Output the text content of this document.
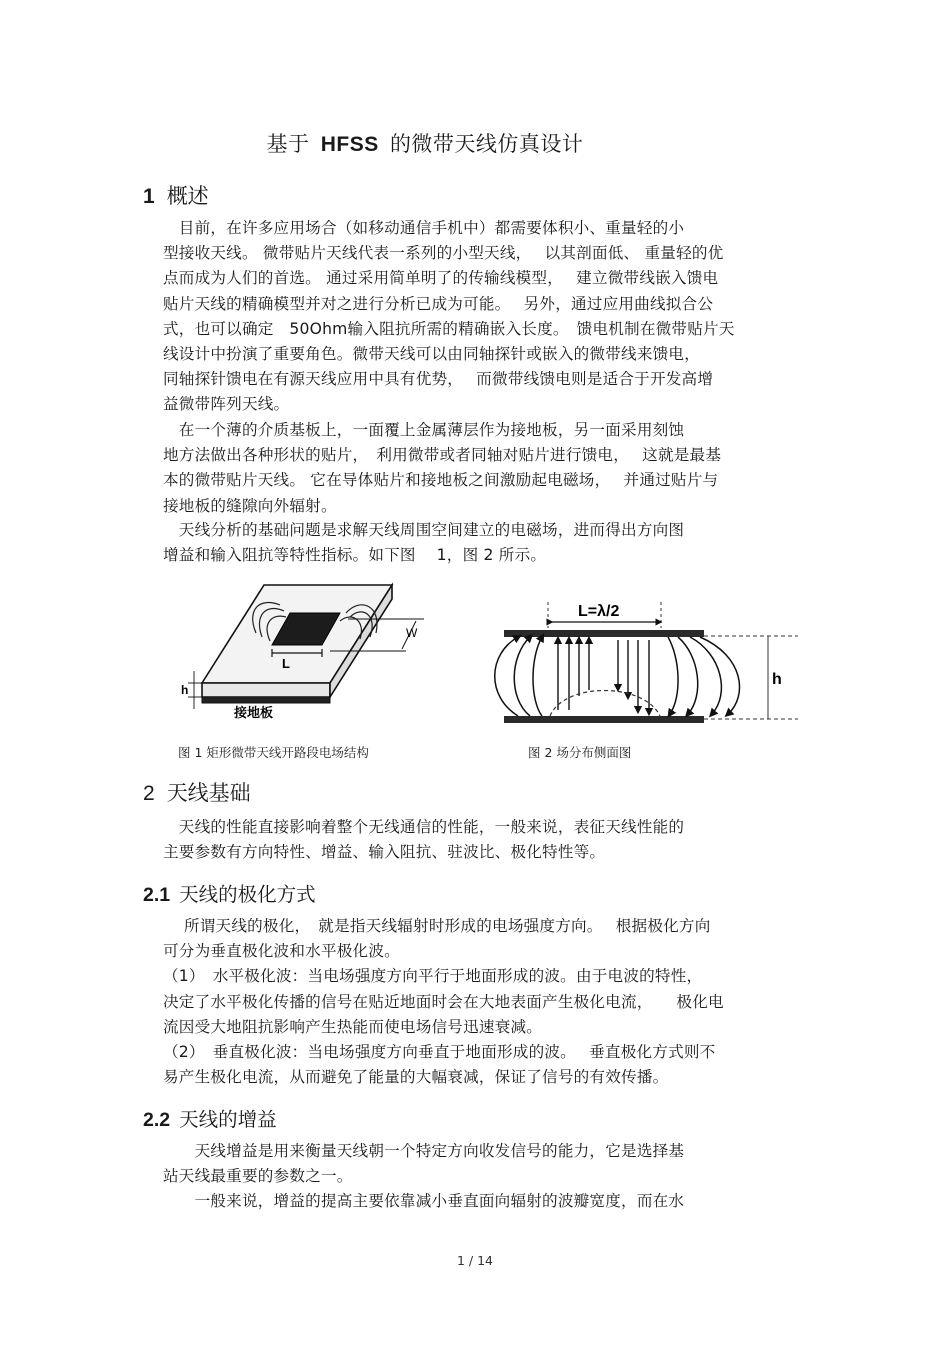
基于 HFSS 的微带天线仿真设计
1 概述
　目前，在许多应用场合（如移动通信手机中）都需要体积小、重量轻的小
型接收天线。 微带贴片天线代表一系列的小型天线，　 以其剖面低、 重量轻的优
点而成为人们的首选。 通过采用简单明了的传输线模型，　 建立微带线嵌入馈电
贴片天线的精确模型并对之进行分析已成为可能。　 另外，通过应用曲线拟合公
式，也可以确定　50Ohm输入阻抗所需的精确嵌入长度。　馈电机制在微带贴片天
线设计中扮演了重要角色。微带天线可以由同轴探针或嵌入的微带线来馈电，
同轴探针馈电在有源天线应用中具有优势，　 而微带线馈电则是适合于开发高增
益微带阵列天线。
　在一个薄的介质基板上，一面覆上金属薄层作为接地板，另一面采用刻蚀
地方法做出各种形状的贴片，　利用微带或者同轴对贴片进行馈电，　 这就是最基
本的微带贴片天线。 它在导体贴片和接地板之间激励起电磁场，　 并通过贴片与
接地板的缝隙向外辐射。
　天线分析的基础问题是求解天线周围空间建立的电磁场，进而得出方向图
增益和输入阻抗等特性指标。如下图　 1，图 2 所示。
L
W
h
接地板
L=λ/2
h
图 1 矩形微带天线开路段电场结构	图 2 场分布侧面图
2 天线基础
　天线的性能直接影响着整个无线通信的性能，一般来说，表征天线性能的
主要参数有方向特性、增益、输入阻抗、驻波比、极化特性等。
2.1 天线的极化方式
　 所谓天线的极化，　就是指天线辐射时形成的电场强度方向。　 根据极化方向
可分为垂直极化波和水平极化波。
（1）　水平极化波：当电场强度方向平行于地面形成的波。由于电波的特性，
决定了水平极化传播的信号在贴近地面时会在大地表面产生极化电流，　　极化电
流因受大地阻抗影响产生热能而使电场信号迅速衰减。
（2）　垂直极化波：当电场强度方向垂直于地面形成的波。　 垂直极化方式则不
易产生极化电流，从而避免了能量的大幅衰减，保证了信号的有效传播。
2.2 天线的增益
　　天线增益是用来衡量天线朝一个特定方向收发信号的能力，它是选择基
站天线最重要的参数之一。
　　一般来说，增益的提高主要依靠减小垂直面向辐射的波瓣宽度，而在水
1 / 14
